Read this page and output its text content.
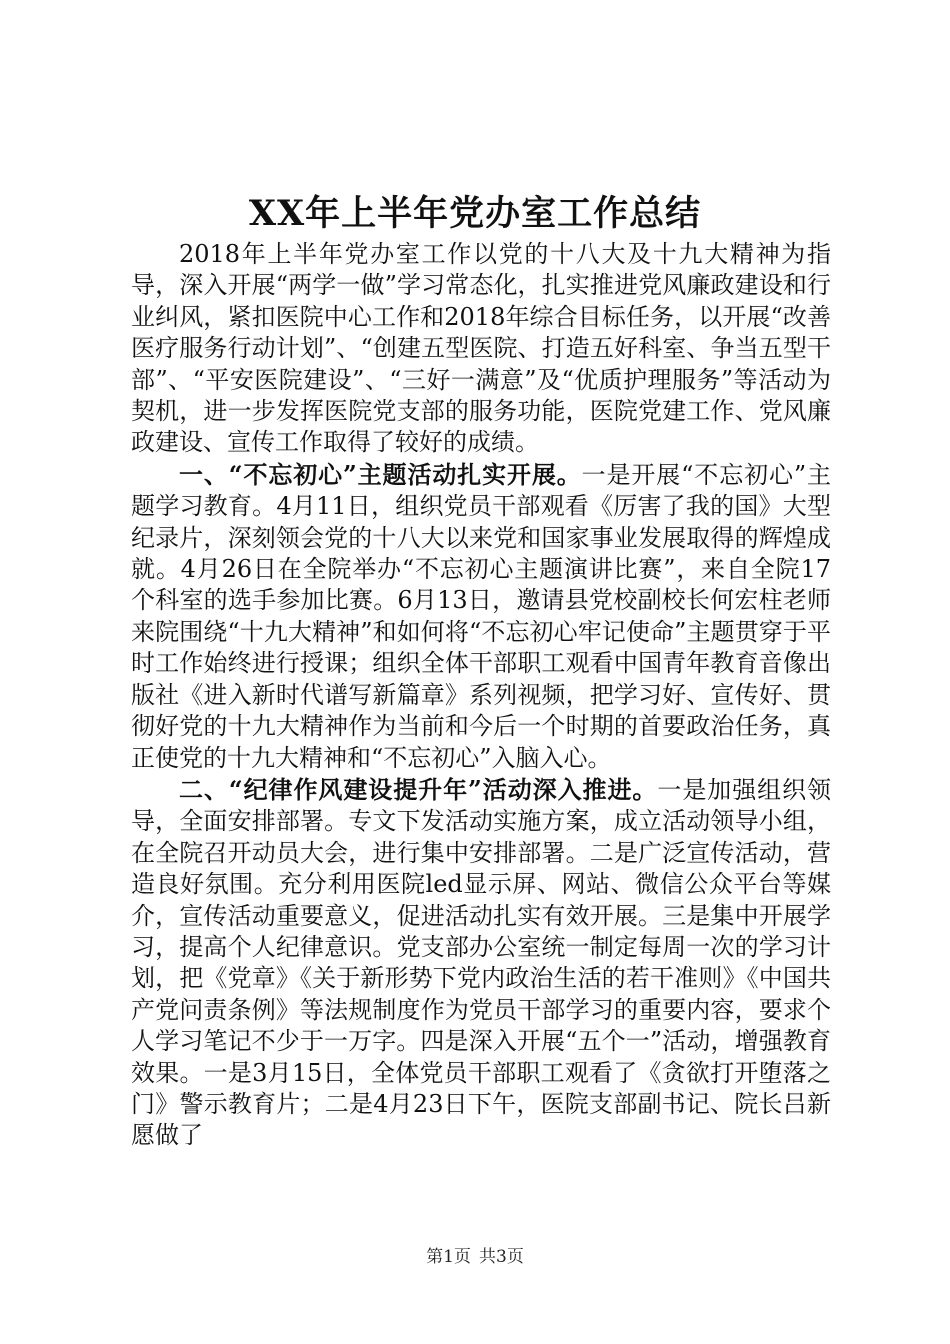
XX年上半年党办室工作总结

2018年上半年党办室工作以党的十八大及十九大精神为指导，深入开展“两学一做”学习常态化，扎实推进党风廉政建设和行业纠风，紧扣医院中心工作和2018年综合目标任务，以开展“改善医疗服务行动计划”、“创建五型医院、打造五好科室、争当五型干部”、“平安医院建设”、“三好一满意”及“优质护理服务”等活动为契机，进一步发挥医院党支部的服务功能，医院党建工作、党风廉政建设、宣传工作取得了较好的成绩。

一、“不忘初心”主题活动扎实开展。一是开展“不忘初心”主题学习教育。4月11日，组织党员干部观看《厉害了我的国》大型纪录片，深刻领会党的十八大以来党和国家事业发展取得的辉煌成就。4月26日在全院举办“不忘初心主题演讲比赛”，来自全院17个科室的选手参加比赛。6月13日，邀请县党校副校长何宏柱老师来院围绕“十九大精神”和如何将“不忘初心牢记使命”主题贯穿于平时工作始终进行授课；组织全体干部职工观看中国青年教育音像出版社《进入新时代谱写新篇章》系列视频，把学习好、宣传好、贯彻好党的十九大精神作为当前和今后一个时期的首要政治任务，真正使党的十九大精神和“不忘初心”入脑入心。

二、“纪律作风建设提升年”活动深入推进。一是加强组织领导，全面安排部署。专文下发活动实施方案，成立活动领导小组，在全院召开动员大会，进行集中安排部署。二是广泛宣传活动，营造良好氛围。充分利用医院led显示屏、网站、微信公众平台等媒介，宣传活动重要意义，促进活动扎实有效开展。三是集中开展学习，提高个人纪律意识。党支部办公室统一制定每周一次的学习计划，把《党章》《关于新形势下党内政治生活的若干准则》《中国共产党问责条例》等法规制度作为党员干部学习的重要内容，要求个人学习笔记不少于一万字。四是深入开展“五个一”活动，增强教育效果。一是3月15日，全体党员干部职工观看了《贪欲打开堕落之门》警示教育片；二是4月23日下午，医院支部副书记、院长吕新愿做了

第1页 共3页
